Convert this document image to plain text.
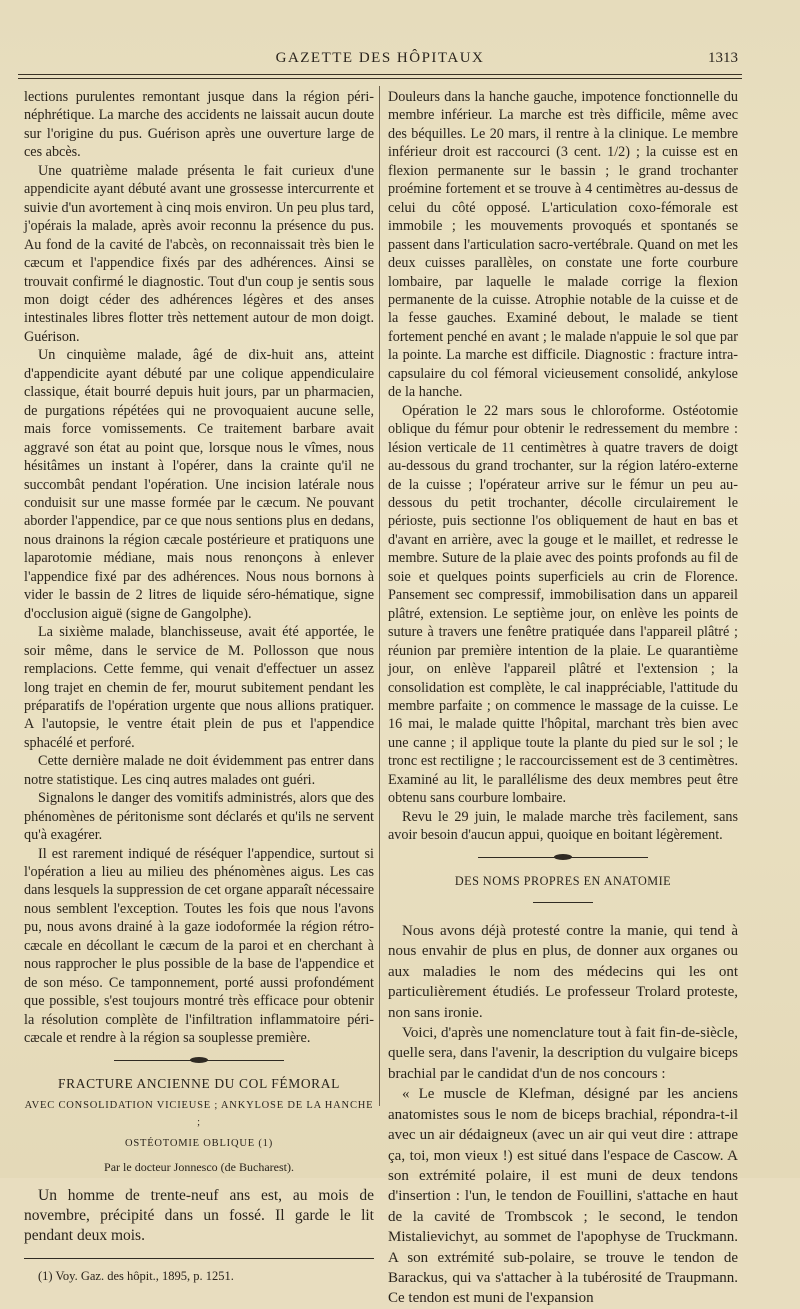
GAZETTE DES HÔPITAUX	1313

lections purulentes remontant jusque dans la région péri-néphrétique. La marche des accidents ne laissait aucun doute sur l'origine du pus. Guérison après une ouverture large de ces abcès.

Une quatrième malade présenta le fait curieux d'une appendicite ayant débuté avant une grossesse intercurrente et suivie d'un avortement à cinq mois environ. Un peu plus tard, j'opérais la malade, après avoir reconnu la présence du pus. Au fond de la cavité de l'abcès, on reconnaissait très bien le cæcum et l'appendice fixés par des adhérences. Ainsi se trouvait confirmé le diagnostic. Tout d'un coup je sentis sous mon doigt céder des adhérences légères et des anses intestinales libres flotter très nettement autour de mon doigt. Guérison.

Un cinquième malade, âgé de dix-huit ans, atteint d'appendicite ayant débuté par une colique appendiculaire classique, était bourré depuis huit jours, par un pharmacien, de purgations répétées qui ne provoquaient aucune selle, mais force vomissements. Ce traitement barbare avait aggravé son état au point que, lorsque nous le vîmes, nous hésitâmes un instant à l'opérer, dans la crainte qu'il ne succombât pendant l'opération. Une incision latérale nous conduisit sur une masse formée par le cæcum. Ne pouvant aborder l'appendice, par ce que nous sentions plus en dedans, nous drainons la région cæcale postérieure et pratiquons une laparotomie médiane, mais nous renonçons à enlever l'appendice fixé par des adhérences. Nous nous bornons à vider le bassin de 2 litres de liquide séro-hématique, signe d'occlusion aiguë (signe de Gangolphe).

La sixième malade, blanchisseuse, avait été apportée, le soir même, dans le service de M. Pollosson que nous remplacions. Cette femme, qui venait d'effectuer un assez long trajet en chemin de fer, mourut subitement pendant les préparatifs de l'opération urgente que nous allions pratiquer. A l'autopsie, le ventre était plein de pus et l'appendice sphacélé et perforé.

Cette dernière malade ne doit évidemment pas entrer dans notre statistique. Les cinq autres malades ont guéri.

Signalons le danger des vomitifs administrés, alors que des phénomènes de péritonisme sont déclarés et qu'ils ne servent qu'à exagérer.

Il est rarement indiqué de réséquer l'appendice, surtout si l'opération a lieu au milieu des phénomènes aigus. Les cas dans lesquels la suppression de cet organe apparaît nécessaire nous semblent l'exception. Toutes les fois que nous l'avons pu, nous avons drainé à la gaze iodoformée la région rétro-cæcale en décollant le cæcum de la paroi et en cherchant à nous rapprocher le plus possible de la base de l'appendice et de son méso. Ce tamponnement, porté aussi profondément que possible, s'est toujours montré très efficace pour obtenir la résolution complète de l'infiltration inflammatoire péri-cæcale et rendre à la région sa souplesse première.

FRACTURE ANCIENNE DU COL FÉMORAL
AVEC CONSOLIDATION VICIEUSE ; ANKYLOSE DE LA HANCHE ;
OSTÉOTOMIE OBLIQUE (1)
Par le docteur Jonnesco (de Bucharest).

Un homme de trente-neuf ans est, au mois de novembre, précipité dans un fossé. Il garde le lit pendant deux mois.

(1) Voy. Gaz. des hôpit., 1895, p. 1251.

Douleurs dans la hanche gauche, impotence fonctionnelle du membre inférieur. La marche est très difficile, même avec des béquilles. Le 20 mars, il rentre à la clinique. Le membre inférieur droit est raccourci (3 cent. 1/2) ; la cuisse est en flexion permanente sur le bassin ; le grand trochanter proémine fortement et se trouve à 4 centimètres au-dessus de celui du côté opposé. L'articulation coxo-fémorale est immobile ; les mouvements provoqués et spontanés se passent dans l'articulation sacro-vertébrale. Quand on met les deux cuisses parallèles, on constate une forte courbure lombaire, par laquelle le malade corrige la flexion permanente de la cuisse. Atrophie notable de la cuisse et de la fesse gauches. Examiné debout, le malade se tient fortement penché en avant ; le malade n'appuie le sol que par la pointe. La marche est difficile. Diagnostic : fracture intra-capsulaire du col fémoral vicieusement consolidé, ankylose de la hanche.

Opération le 22 mars sous le chloroforme. Ostéotomie oblique du fémur pour obtenir le redressement du membre : lésion verticale de 11 centimètres à quatre travers de doigt au-dessous du grand trochanter, sur la région latéro-externe de la cuisse ; l'opérateur arrive sur le fémur un peu au-dessous du petit trochanter, décolle circulairement le périoste, puis sectionne l'os obliquement de haut en bas et d'avant en arrière, avec la gouge et le maillet, et redresse le membre. Suture de la plaie avec des points profonds au fil de soie et quelques points superficiels au crin de Florence. Pansement sec compressif, immobilisation dans un appareil plâtré, extension. Le septième jour, on enlève les points de suture à travers une fenêtre pratiquée dans l'appareil plâtré ; réunion par première intention de la plaie. Le quarantième jour, on enlève l'appareil plâtré et l'extension ; la consolidation est complète, le cal inappréciable, l'attitude du membre parfaite ; on commence le massage de la cuisse. Le 16 mai, le malade quitte l'hôpital, marchant très bien avec une canne ; il applique toute la plante du pied sur le sol ; le tronc est rectiligne ; le raccourcissement est de 3 centimètres. Examiné au lit, le parallélisme des deux membres peut être obtenu sans courbure lombaire.

Revu le 29 juin, le malade marche très facilement, sans avoir besoin d'aucun appui, quoique en boitant légèrement.

DES NOMS PROPRES EN ANATOMIE

Nous avons déjà protesté contre la manie, qui tend à nous envahir de plus en plus, de donner aux organes ou aux maladies le nom des médecins qui les ont particulièrement étudiés. Le professeur Trolard proteste, non sans ironie.

Voici, d'après une nomenclature tout à fait fin-de-siècle, quelle sera, dans l'avenir, la description du vulgaire biceps brachial par le candidat d'un de nos concours :

« Le muscle de Klefman, désigné par les anciens anatomistes sous le nom de biceps brachial, répondra-t-il avec un air dédaigneux (avec un air qui veut dire : attrape ça, toi, mon vieux !) est situé dans l'espace de Cascow. A son extrémité polaire, il est muni de deux tendons d'insertion : l'un, le tendon de Fouillini, s'attache en haut de la cavité de Trombscok ; le second, le tendon Mistalievichyt, au sommet de l'apophyse de Truckmann. A son extrémité sub-polaire, se trouve le tendon de Barackus, qui va s'attacher à la tubérosité de Traupmann. Ce tendon est muni de l'expansion
